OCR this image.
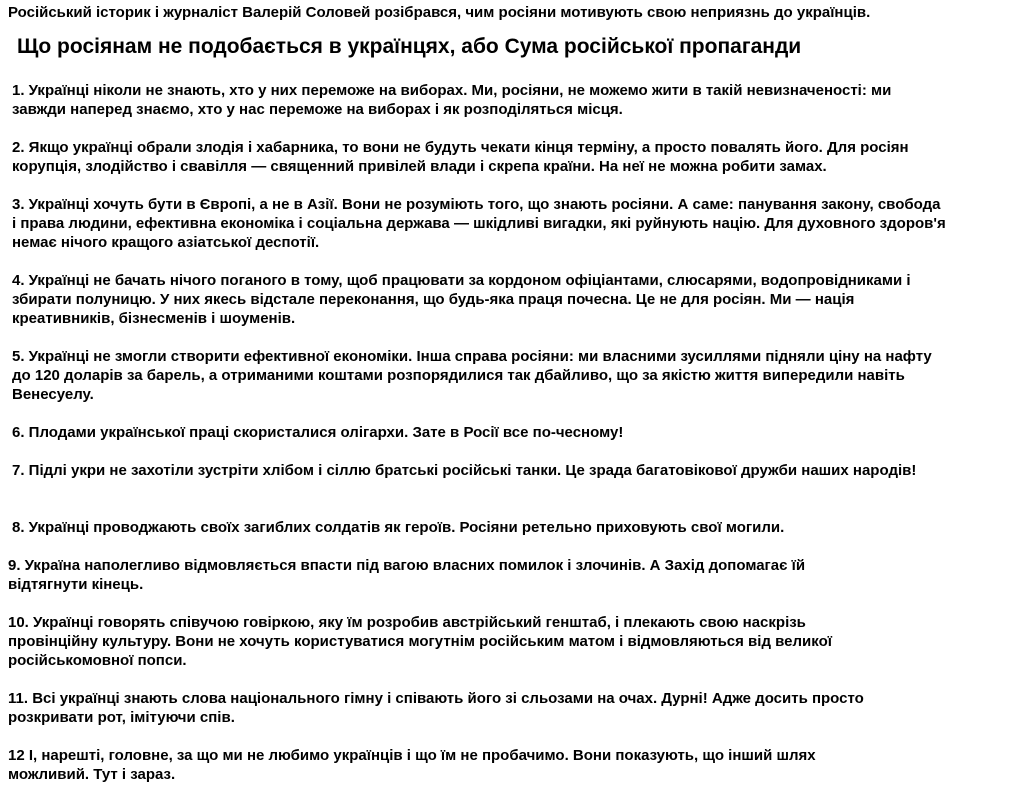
Російський історик і журналіст Валерій Соловей розібрався, чим росіяни мотивують свою неприязнь до українців.

Що росіянам не подобається в українцях, або Сума російської пропаганди

1. Українці ніколи не знають, хто у них переможе на виборах. Ми, росіяни, не можемо жити в такій невизначеності: ми завжди наперед знаємо, хто у нас переможе на виборах і як розподіляться місця.

2. Якщо українці обрали злодія і хабарника, то вони не будуть чекати кінця терміну, а просто повалять його. Для росіян корупція, злодійство і свавілля — священний привілей влади і скрепа країни. На неї не можна робити замах.

3. Українці хочуть бути в Європі, а не в Азії. Вони не розуміють того, що знають росіяни. А саме: панування закону, свобода і права людини, ефективна економіка і соціальна держава — шкідливі вигадки, які руйнують націю. Для духовного здоров'я немає нічого кращого азіатської деспотії.

4. Українці не бачать нічого поганого в тому, щоб працювати за кордоном офіціантами, слюсарями, водопровідниками і збирати полуницю. У них якесь відстале переконання, що будь-яка праця почесна. Це не для росіян. Ми — нація креативників, бізнесменів і шоуменів.

5. Українці не змогли створити ефективної економіки. Інша справа росіяни: ми власними зусиллями підняли ціну на нафту до 120 доларів за барель, а отриманими коштами розпорядилися так дбайливо, що за якістю життя випередили навіть Венесуелу.

6. Плодами української праці скористалися олігархи. Зате в Росії все по-чесному!

7. Підлі укри не захотіли зустріти хлібом і сіллю братські російські танки. Це зрада багатовікової дружби наших народів!

8. Українці проводжають своїх загиблих солдатів як героїв. Росіяни ретельно приховують свої могили.

9. Україна наполегливо відмовляється впасти під вагою власних помилок і злочинів. А Захід допомагає їй відтягнути кінець.

10. Українці говорять співучою говіркою, яку їм розробив австрійський генштаб, і плекають свою наскрізь провінційну культуру. Вони не хочуть користуватися могутнім російським матом і відмовляються від великої російськомовної попси.

11. Всі українці знають слова національного гімну і співають його зі сльозами на очах. Дурні! Адже досить просто розкривати рот, імітуючи спів.

12 І, нарешті, головне, за що ми не любимо українців і що їм не пробачимо. Вони показують, що інший шлях можливий. Тут і зараз.
